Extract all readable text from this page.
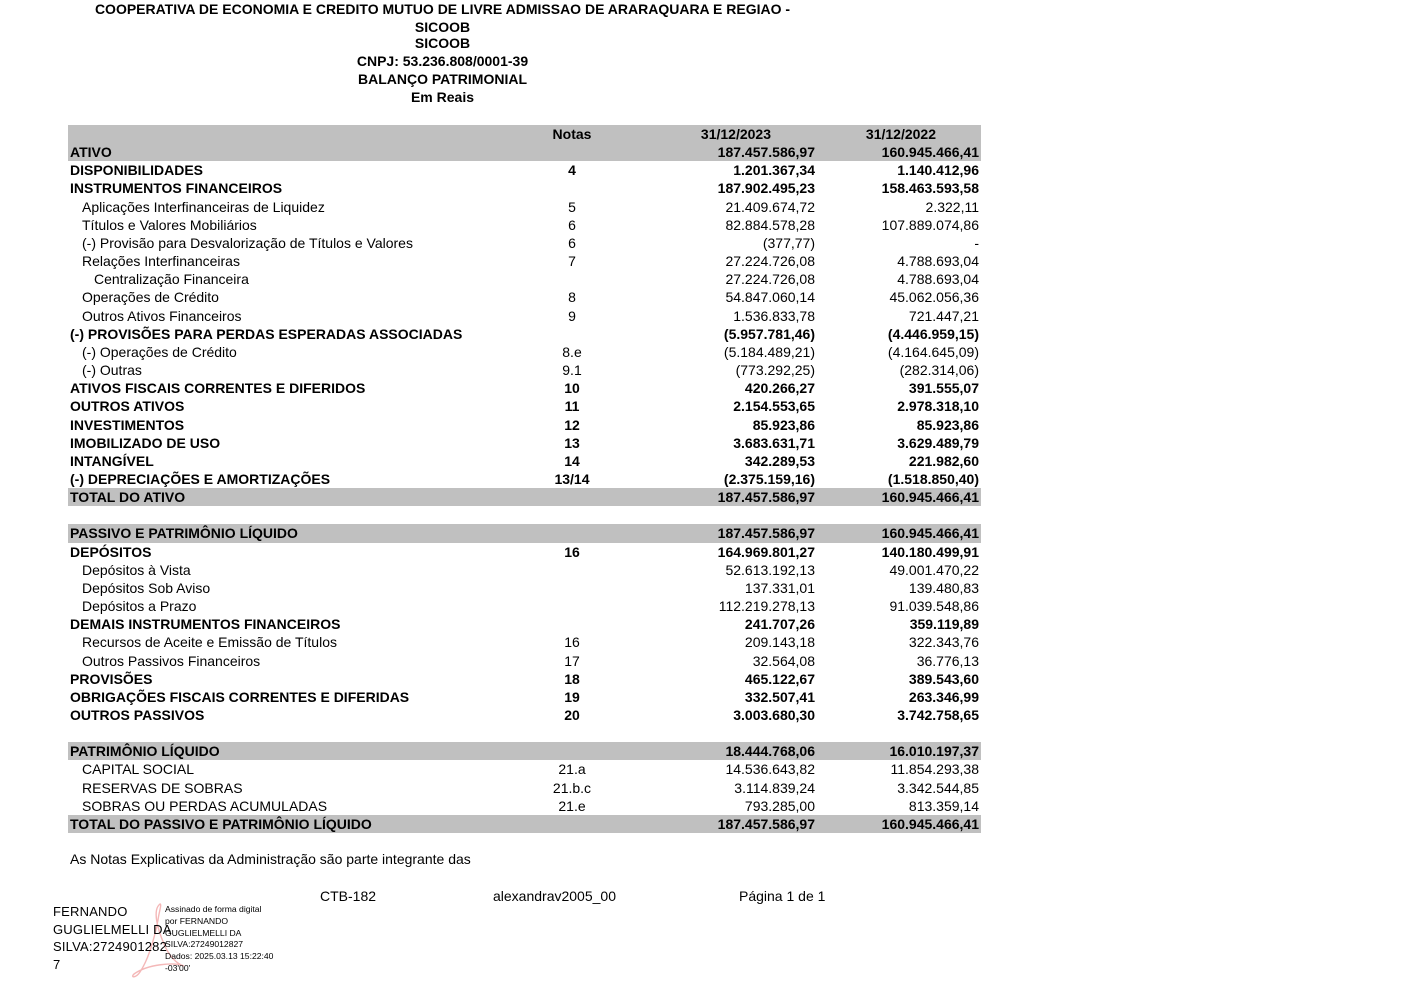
COOPERATIVA DE ECONOMIA E CREDITO MUTUO DE LIVRE ADMISSAO DE ARARAQUARA E REGIAO -
SICOOB
SICOOB
CNPJ: 53.236.808/0001-39
BALANÇO PATRIMONIAL
Em Reais
Notas	31/12/2023	31/12/2022
ATIVO	187.457.586,97	160.945.466,41
DISPONIBILIDADES	4	1.201.367,34	1.140.412,96
INSTRUMENTOS FINANCEIROS	187.902.495,23	158.463.593,58
Aplicações Interfinanceiras de Liquidez	5	21.409.674,72	2.322,11
Títulos e Valores Mobiliários	6	82.884.578,28	107.889.074,86
(-) Provisão para Desvalorização de Títulos e Valores	6	(377,77)	-
Relações Interfinanceiras	7	27.224.726,08	4.788.693,04
Centralização Financeira	27.224.726,08	4.788.693,04
Operações de Crédito	8	54.847.060,14	45.062.056,36
Outros Ativos Financeiros	9	1.536.833,78	721.447,21
(-) PROVISÕES PARA PERDAS ESPERADAS ASSOCIADAS	(5.957.781,46)	(4.446.959,15)
(-) Operações de Crédito	8.e	(5.184.489,21)	(4.164.645,09)
(-) Outras	9.1	(773.292,25)	(282.314,06)
ATIVOS FISCAIS CORRENTES E DIFERIDOS	10	420.266,27	391.555,07
OUTROS ATIVOS	11	2.154.553,65	2.978.318,10
INVESTIMENTOS	12	85.923,86	85.923,86
IMOBILIZADO DE USO	13	3.683.631,71	3.629.489,79
INTANGÍVEL	14	342.289,53	221.982,60
(-) DEPRECIAÇÕES E AMORTIZAÇÕES	13/14	(2.375.159,16)	(1.518.850,40)
TOTAL DO ATIVO	187.457.586,97	160.945.466,41
PASSIVO E PATRIMÔNIO LÍQUIDO	187.457.586,97	160.945.466,41
DEPÓSITOS	16	164.969.801,27	140.180.499,91
Depósitos à Vista	52.613.192,13	49.001.470,22
Depósitos Sob Aviso	137.331,01	139.480,83
Depósitos a Prazo	112.219.278,13	91.039.548,86
DEMAIS INSTRUMENTOS FINANCEIROS	241.707,26	359.119,89
Recursos de Aceite e Emissão de Títulos	16	209.143,18	322.343,76
Outros Passivos Financeiros	17	32.564,08	36.776,13
PROVISÕES	18	465.122,67	389.543,60
OBRIGAÇÕES FISCAIS CORRENTES E DIFERIDAS	19	332.507,41	263.346,99
OUTROS PASSIVOS	20	3.003.680,30	3.742.758,65
PATRIMÔNIO LÍQUIDO	18.444.768,06	16.010.197,37
CAPITAL SOCIAL	21.a	14.536.643,82	11.854.293,38
RESERVAS DE SOBRAS	21.b.c	3.114.839,24	3.342.544,85
SOBRAS OU PERDAS ACUMULADAS	21.e	793.285,00	813.359,14
TOTAL DO PASSIVO E PATRIMÔNIO LÍQUIDO	187.457.586,97	160.945.466,41
As Notas Explicativas da Administração são parte integrante das
CTB-182	alexandrav2005_00	Página 1 de 1
FERNANDO
GUGLIELMELLI DA
SILVA:2724901282
7
Assinado de forma digital
por FERNANDO
GUGLIELMELLI DA
SILVA:27249012827
Dados: 2025.03.13 15:22:40
-03'00'
